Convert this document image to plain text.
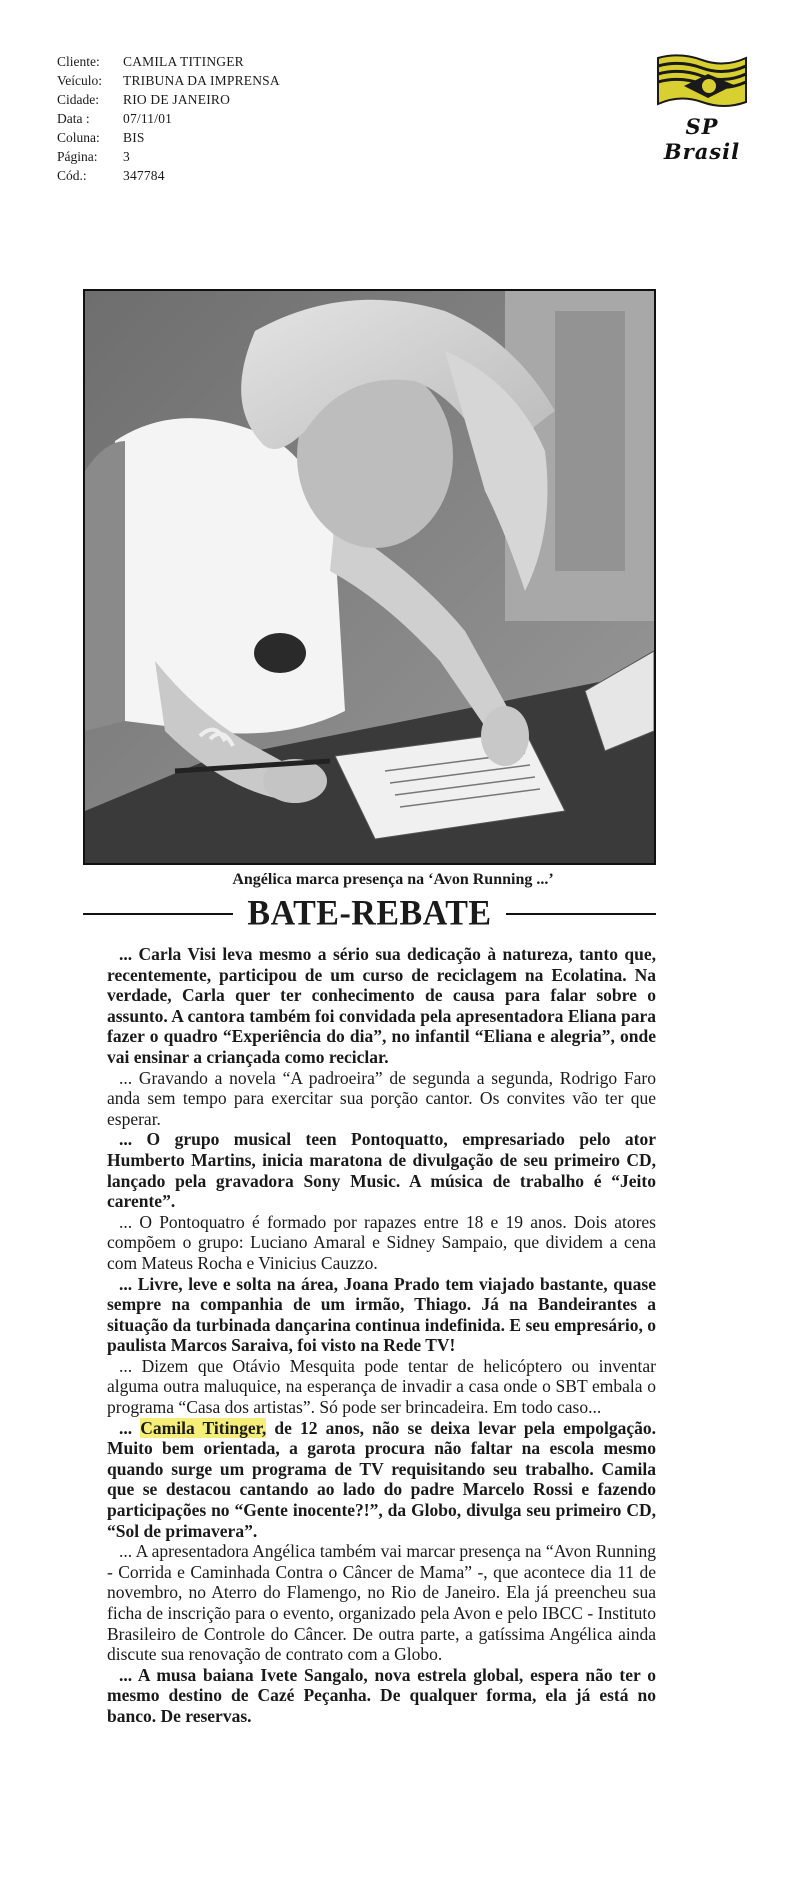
Cliente:	CAMILA TITINGER
Veículo:	TRIBUNA DA IMPRENSA
Cidade:	RIO DE JANEIRO
Data :	07/11/01
Coluna:	BIS
Página:	3
Cód.:	347784
SP Brasil
Angélica marca presença na ‘Avon Running ...’
BATE-REBATE

... Carla Visi leva mesmo a sério sua dedicação à natureza, tanto que, recentemente, participou de um curso de reciclagem na Ecolatina. Na verdade, Carla quer ter conhecimento de causa para falar sobre o assunto. A cantora também foi convidada pela apresentadora Eliana para fazer o quadro “Experiência do dia”, no infantil “Eliana e alegria”, onde vai ensinar a criançada como reciclar.

... Gravando a novela “A padroeira” de segunda a segunda, Rodrigo Faro anda sem tempo para exercitar sua porção cantor. Os convites vão ter que esperar.

... O grupo musical teen Pontoquatto, empresariado pelo ator Humberto Martins, inicia maratona de divulgação de seu primeiro CD, lançado pela gravadora Sony Music. A música de trabalho é “Jeito carente”.

... O Pontoquatro é formado por rapazes entre 18 e 19 anos. Dois atores compõem o grupo: Luciano Amaral e Sidney Sampaio, que dividem a cena com Mateus Rocha e Vinicius Cauzzo.

... Livre, leve e solta na área, Joana Prado tem viajado bastante, quase sempre na companhia de um irmão, Thiago. Já na Bandeirantes a situação da turbinada dançarina continua indefinida. E seu empresário, o paulista Marcos Saraiva, foi visto na Rede TV!

... Dizem que Otávio Mesquita pode tentar de helicóptero ou inventar alguma outra maluquice, na esperança de invadir a casa onde o SBT embala o programa “Casa dos artistas”. Só pode ser brincadeira. Em todo caso...

... Camila Titinger, de 12 anos, não se deixa levar pela empolgação. Muito bem orientada, a garota procura não faltar na escola mesmo quando surge um programa de TV requisitando seu trabalho. Camila que se destacou cantando ao lado do padre Marcelo Rossi e fazendo participações no “Gente inocente?!”, da Globo, divulga seu primeiro CD, “Sol de primavera”.

... A apresentadora Angélica também vai marcar presença na “Avon Running - Corrida e Caminhada Contra o Câncer de Mama” -, que acontece dia 11 de novembro, no Aterro do Flamengo, no Rio de Janeiro. Ela já preencheu sua ficha de inscrição para o evento, organizado pela Avon e pelo IBCC - Instituto Brasileiro de Controle do Câncer. De outra parte, a gatíssima Angélica ainda discute sua renovação de contrato com a Globo.

... A musa baiana Ivete Sangalo, nova estrela global, espera não ter o mesmo destino de Cazé Peçanha. De qualquer forma, ela já está no banco. De reservas.
